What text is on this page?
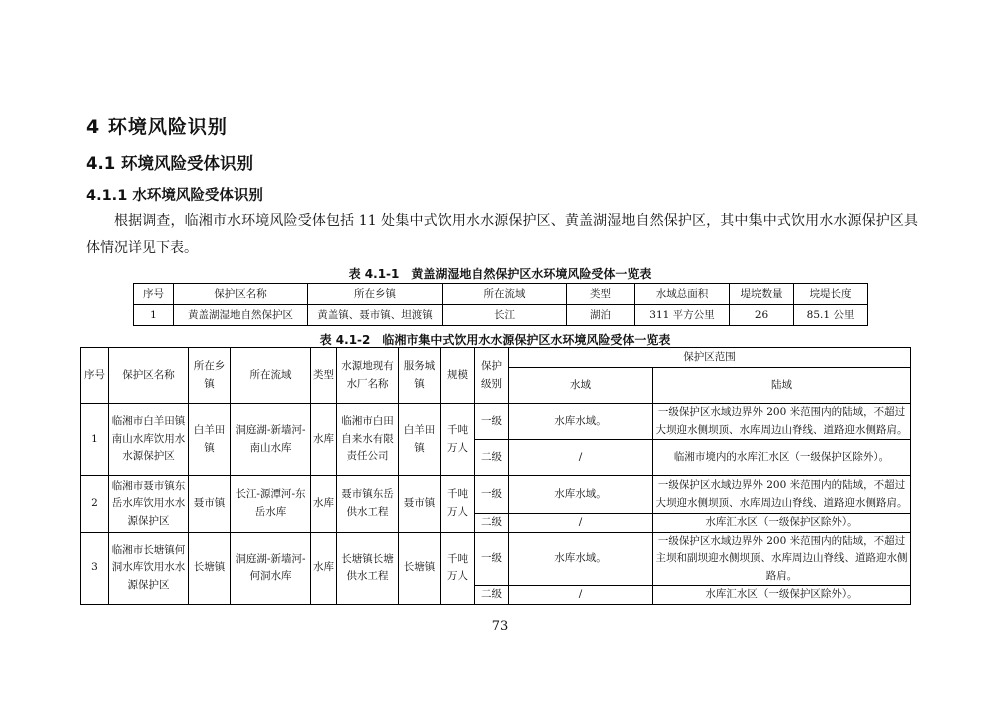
4 环境风险识别
4.1 环境风险受体识别
4.1.1 水环境风险受体识别

根据调查，临湘市水环境风险受体包括 11 处集中式饮用水水源保护区、黄盖湖湿地自然保护区，其中集中式饮用水水源保护区具体情况详见下表。

表 4.1-1　黄盖湖湿地自然保护区水环境风险受体一览表
序号	保护区名称	所在乡镇	所在流域	类型	水域总面积	堤垸数量	垸堤长度
1	黄盖湖湿地自然保护区	黄盖镇、聂市镇、坦渡镇	长江	湖泊	311 平方公里	26	85.1 公里
表 4.1-2　临湘市集中式饮用水水源保护区水环境风险受体一览表
序号	保护区名称	所在乡镇	所在流域	类型	水源地现有水厂名称	服务城镇	规模	保护级别	保护区范围	
									水域	陆域
1	临湘市白羊田镇南山水库饮用水水源保护区	白羊田镇	洞庭湖-新墙河-南山水库	水库	临湘市白田自来水有限责任公司	白羊田镇	千吨万人	一级	水库水域。	一级保护区水域边界外 200 米范围内的陆域，不超过大坝迎水侧坝顶、水库周边山脊线、道路迎水侧路肩。
								二级	/	临湘市境内的水库汇水区（一级保护区除外）。
2	临湘市聂市镇东岳水库饮用水水源保护区	聂市镇	长江-源潭河-东岳水库	水库	聂市镇东岳供水工程	聂市镇	千吨万人	一级	水库水域。	一级保护区水域边界外 200 米范围内的陆域，不超过大坝迎水侧坝顶、水库周边山脊线、道路迎水侧路肩。
								二级	/	水库汇水区（一级保护区除外）。
3	临湘市长塘镇何洞水库饮用水水源保护区	长塘镇	洞庭湖-新墙河-何洞水库	水库	长塘镇长塘供水工程	长塘镇	千吨万人	一级	水库水域。	一级保护区水域边界外 200 米范围内的陆域，不超过主坝和副坝迎水侧坝顶、水库周边山脊线、道路迎水侧路肩。
								二级	/	水库汇水区（一级保护区除外）。
73
